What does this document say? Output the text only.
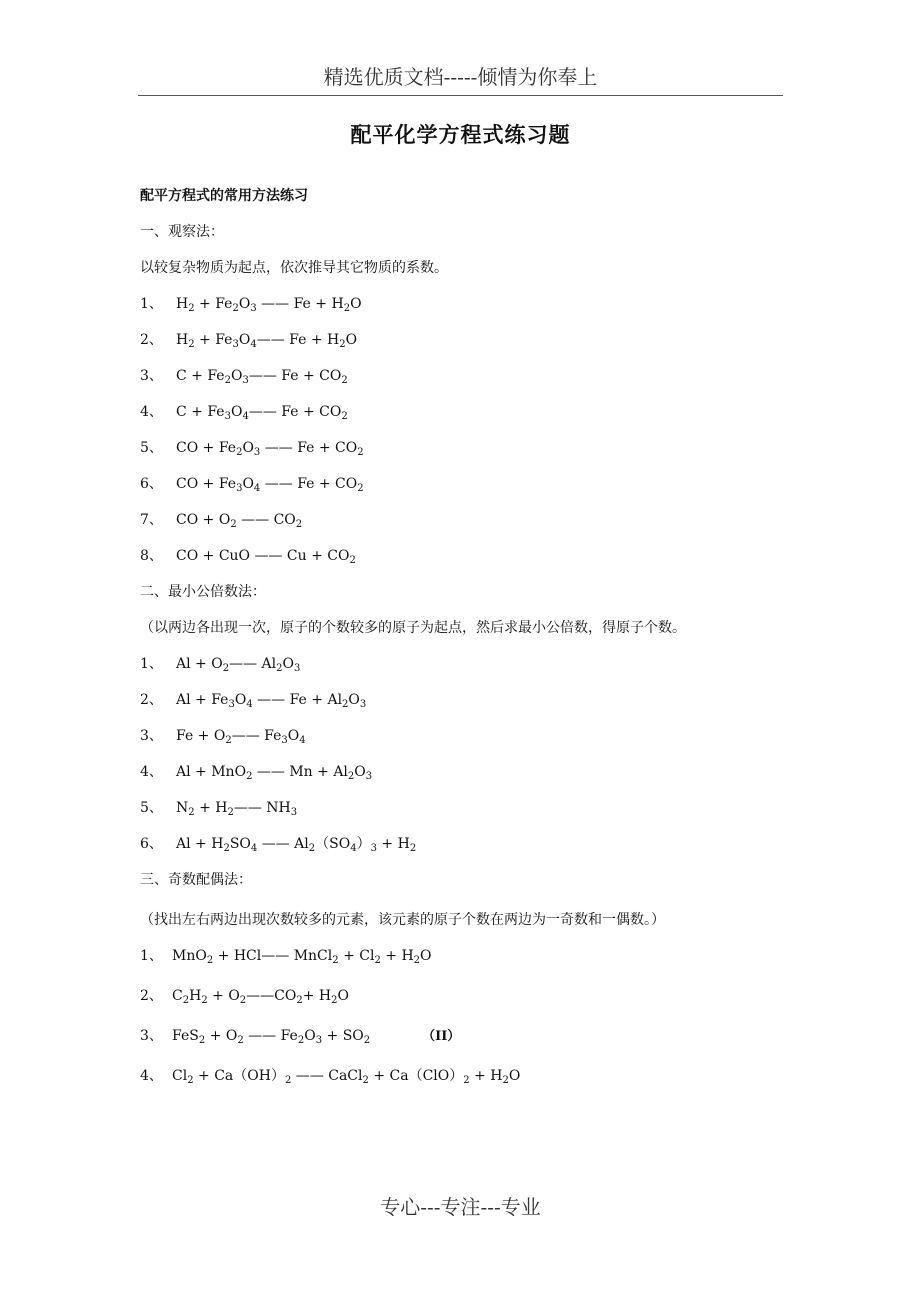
精选优质文档-----倾情为你奉上
配平化学方程式练习题
配平方程式的常用方法练习
一、观察法：
以较复杂物质为起点，依次推导其它物质的系数。
1、 $H_2 + Fe_2O_3$ —— $Fe + H_2O$
2、 $H_2$ + $Fe_3O_4——$ $Fe + H_2O$
3、 $C + Fe_2O_3——$ $Fe + CO_2$
4、 $C + Fe_3O_4——$ $Fe + CO_2$
5、 CO + $Fe_2O_3$ —— $Fe + CO_2$
6、 CO + $Fe_3O_4$ —— $Fe + CO_2$
7、 CO + $O_2$ —— $CO_2$
8、 CO + CuO —— $Cu + CO_2$
二、最小公倍数法：
（以两边各出现一次，原子的个数较多的原子为起点，然后求最小公倍数，得原子个数。
1、 $Al + O_2——$ $Al_2O_3$
2、 $Al + Fe_3O_4$ —— $Fe + Al_2O_3$
3、 $Fe + O_2——$ $Fe_3O_4$
4、 Al + MnO$_2$ —— $Mn + Al_2O_3$
5、 $N_2$ + $H_2——$ $NH_3$
6、 $Al + H_2SO_4$ —— $Al_2(SO_4)_3 + H_2$
三、奇数配偶法：
（找出左右两边出现次数较多的元素，该元素的原子个数在两边为一奇数和一偶数。）
1、 MnO$_2$ + HCl—— MnCl$_2$ + $Cl_2 + H_2O$
2、 $C_2H_2$ + $O_2——CO_2+ H_2O$
3、 $FeS_2 + O_2$ —— $Fe_2O_3 + SO_2$	（II）
4、 $Cl_2 + Ca(OH)_2$ —— CaCl$_2$ + $Ca(ClO)_2 + H_2O$
专心---专注---专业
